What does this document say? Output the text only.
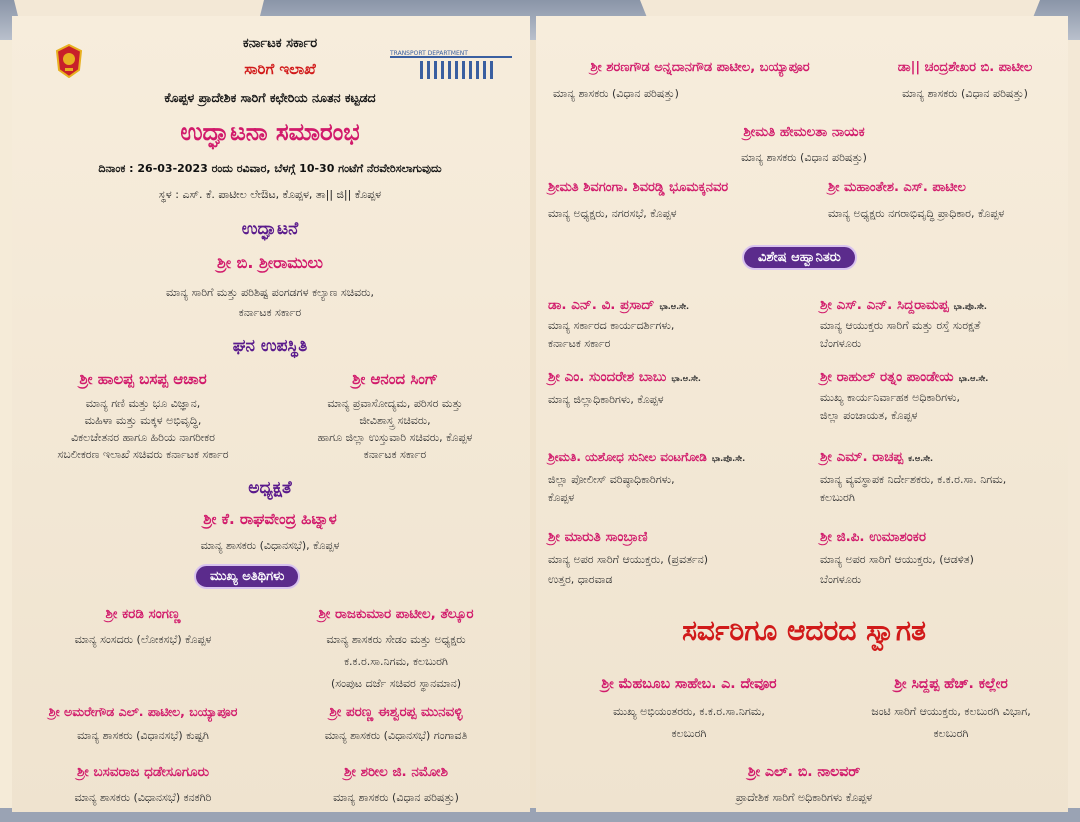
TRANSPORT DEPARTMENT
ಕರ್ನಾಟಕ ಸರ್ಕಾರ
ಸಾರಿಗೆ ಇಲಾಖೆ
ಕೊಪ್ಪಳ ಪ್ರಾದೇಶಿಕ ಸಾರಿಗೆ ಕಛೇರಿಯ ನೂತನ ಕಟ್ಟಡದ
ಉದ್ಘಾಟನಾ ಸಮಾರಂಭ
ದಿನಾಂಕ : 26-03-2023 ರಂದು ರವಿವಾರ, ಬೆಳಗ್ಗೆ 10-30 ಗಂಟೆಗೆ ನೆರವೇರಿಸಲಾಗುವುದು
ಸ್ಥಳ : ಎಸ್. ಕೆ. ಪಾಟೀಲ ಲೇಔಟ, ಕೊಪ್ಪಳ, ತಾ|| ಜಿ|| ಕೊಪ್ಪಳ
ಉದ್ಘಾಟನೆ
ಶ್ರೀ ಬಿ. ಶ್ರೀರಾಮುಲು
ಮಾನ್ಯ ಸಾರಿಗೆ ಮತ್ತು ಪರಿಶಿಷ್ಟ ಪಂಗಡಗಳ ಕಲ್ಯಾಣ ಸಚಿವರು,
ಕರ್ನಾಟಕ ಸರ್ಕಾರ
ಘನ ಉಪಸ್ಥಿತಿ
ಶ್ರೀ ಹಾಲಪ್ಪ ಬಸಪ್ಪ ಆಚಾರ
ಮಾನ್ಯ ಗಣಿ ಮತ್ತು ಭೂ ವಿಜ್ಞಾನ,
ಮಹಿಳಾ ಮತ್ತು ಮಕ್ಕಳ ಅಭಿವೃದ್ಧಿ,
ವಿಕಲಚೇತನರ ಹಾಗೂ ಹಿರಿಯ ನಾಗರೀಕರ
ಸಬಲೀಕರಣ ಇಲಾಖೆ ಸಚಿವರು ಕರ್ನಾಟಕ ಸರ್ಕಾರ
ಶ್ರೀ ಆನಂದ ಸಿಂಗ್
ಮಾನ್ಯ ಪ್ರವಾಸೋದ್ಯಮ, ಪರಿಸರ ಮತ್ತು
ಜೀವಿಶಾಸ್ತ್ರ ಸಚಿವರು,
ಹಾಗೂ ಜಿಲ್ಲಾ ಉಸ್ತುವಾರಿ ಸಚಿವರು, ಕೊಪ್ಪಳ
ಕರ್ನಾಟಕ ಸರ್ಕಾರ
ಅಧ್ಯಕ್ಷತೆ
ಶ್ರೀ ಕೆ. ರಾಘವೇಂದ್ರ ಹಿಟ್ನಾಳ
ಮಾನ್ಯ ಶಾಸಕರು (ವಿಧಾನಸಭೆ), ಕೊಪ್ಪಳ
ಮುಖ್ಯ ಅತಿಥಿಗಳು
ಶ್ರೀ ಕರಡಿ ಸಂಗಣ್ಣ
ಮಾನ್ಯ ಸಂಸದರು (ಲೋಕಸಭೆ) ಕೊಪ್ಪಳ
ಶ್ರೀ ರಾಜಕುಮಾರ ಪಾಟೀಲ, ತೆಲ್ಕೂರ
ಮಾನ್ಯ ಶಾಸಕರು ಸೇಡಂ ಮತ್ತು ಅಧ್ಯಕ್ಷರು
ಕ.ಕ.ರ.ಸಾ.ನಿಗಮ, ಕಲಬುರಗಿ
(ಸಂಪುಟ ದರ್ಜೆ ಸಚಿವರ ಸ್ಥಾನಮಾನ)
ಶ್ರೀ ಅಮರೇಗೌಡ ಎಲ್. ಪಾಟೀಲ, ಬಯ್ಯಾಪೂರ
ಮಾನ್ಯ ಶಾಸಕರು (ವಿಧಾನಸಭೆ) ಕುಷ್ಟಗಿ
ಶ್ರೀ ಪರಣ್ಣ ಈಶ್ವರಪ್ಪ ಮುನವಳ್ಳಿ
ಮಾನ್ಯ ಶಾಸಕರು (ವಿಧಾನಸಭೆ) ಗಂಗಾವತಿ
ಶ್ರೀ ಬಸವರಾಜ ಧಡೇಸೂಗೂರು
ಮಾನ್ಯ ಶಾಸಕರು (ವಿಧಾನಸಭೆ) ಕನಕಗಿರಿ
ಶ್ರೀ ಶರೀಲ ಜಿ. ನಮೋಶಿ
ಮಾನ್ಯ ಶಾಸಕರು (ವಿಧಾನ ಪರಿಷತ್ತು)
ಶ್ರೀ ಶರಣಗೌಡ ಅನ್ನದಾನಗೌಡ ಪಾಟೀಲ, ಬಯ್ಯಾಪೂರ
ಮಾನ್ಯ ಶಾಸಕರು (ವಿಧಾನ ಪರಿಷತ್ತು)
ಡಾ|| ಚಂದ್ರಶೇಖರ ಬಿ. ಪಾಟೀಲ
ಮಾನ್ಯ ಶಾಸಕರು (ವಿಧಾನ ಪರಿಷತ್ತು)
ಶ್ರೀಮತಿ ಹೇಮಲತಾ ನಾಯಕ
ಮಾನ್ಯ ಶಾಸಕರು (ವಿಧಾನ ಪರಿಷತ್ತು)
ಶ್ರೀಮತಿ ಶಿವಗಂಗಾ. ಶಿವರಡ್ಡಿ ಭೂಮಕ್ಕನವರ
ಮಾನ್ಯ ಅಧ್ಯಕ್ಷರು, ನಗರಸಭೆ, ಕೊಪ್ಪಳ
ಶ್ರೀ ಮಹಾಂತೇಶ. ಎಸ್. ಪಾಟೀಲ
ಮಾನ್ಯ ಅಧ್ಯಕ್ಷರು ನಗರಾಭಿವೃದ್ಧಿ ಪ್ರಾಧಿಕಾರ, ಕೊಪ್ಪಳ
ವಿಶೇಷ ಆಹ್ವಾನಿತರು
ಡಾ. ಎನ್. ವಿ. ಪ್ರಸಾದ್ ಭಾ.ಆ.ಸೇ.
ಮಾನ್ಯ ಸರ್ಕಾರದ ಕಾರ್ಯದರ್ಶಿಗಳು,
ಕರ್ನಾಟಕ ಸರ್ಕಾರ
ಶ್ರೀ ಎಸ್. ಎನ್. ಸಿದ್ದರಾಮಪ್ಪ ಭಾ.ಪೊ.ಸೇ.
ಮಾನ್ಯ ಆಯುಕ್ತರು ಸಾರಿಗೆ ಮತ್ತು ರಸ್ತೆ ಸುರಕ್ಷತೆ
ಬೆಂಗಳೂರು
ಶ್ರೀ ಎಂ. ಸುಂದರೇಶ ಬಾಬು ಭಾ.ಆ.ಸೇ.
ಮಾನ್ಯ ಜಿಲ್ಲಾಧಿಕಾರಿಗಳು, ಕೊಪ್ಪಳ
ಶ್ರೀ ರಾಹುಲ್ ರತ್ನಂ ಪಾಂಡೇಯ ಭಾ.ಆ.ಸೇ.
ಮುಖ್ಯ ಕಾರ್ಯನಿರ್ವಾಹಕ ಅಧಿಕಾರಿಗಳು,
ಜಿಲ್ಲಾ ಪಂಚಾಯತ, ಕೊಪ್ಪಳ
ಶ್ರೀಮತಿ. ಯಶೋಧ ಸುನೀಲ ವಂಟಗೋಡಿ ಭಾ.ಪೊ.ಸೇ.
ಜಿಲ್ಲಾ ಪೋಲೀಸ್ ವರಿಷ್ಠಾಧಿಕಾರಿಗಳು,
ಕೊಪ್ಪಳ
ಶ್ರೀ ಎಮ್. ರಾಚಪ್ಪ ಕ.ಆ.ಸೇ.
ಮಾನ್ಯ ವ್ಯವಸ್ಥಾಪಕ ನಿರ್ದೇಶಕರು, ಕ.ಕ.ರ.ಸಾ. ನಿಗಮ,
ಕಲಬುರಗಿ
ಶ್ರೀ ಮಾರುತಿ ಸಾಂಬ್ರಾಣಿ
ಮಾನ್ಯ ಅಪರ ಸಾರಿಗೆ ಆಯುಕ್ತರು, (ಪ್ರವರ್ತನ)
ಉತ್ತರ, ಧಾರವಾಡ
ಶ್ರೀ ಜಿ.ಪಿ. ಉಮಾಶಂಕರ
ಮಾನ್ಯ ಅಪರ ಸಾರಿಗೆ ಆಯುಕ್ತರು, (ಆಡಳಿತ)
ಬೆಂಗಳೂರು
ಸರ್ವರಿಗೂ ಆದರದ ಸ್ವಾಗತ
ಶ್ರೀ ಮೆಹಬೂಬ ಸಾಹೇಬ. ಎ. ದೇವೂರ
ಮುಖ್ಯ ಅಭಿಯಂತರರು, ಕ.ಕ.ರ.ಸಾ.ನಿಗಮ,
ಕಲಬುರಗಿ
ಶ್ರೀ ಸಿದ್ದಪ್ಪ ಹೆಚ್. ಕಲ್ಲೇರ
ಜಂಟಿ ಸಾರಿಗೆ ಆಯುಕ್ತರು, ಕಲಬುರಗಿ ವಿಭಾಗ,
ಕಲಬುರಗಿ
ಶ್ರೀ ಎಲ್. ಬಿ. ನಾಲವರ್
ಪ್ರಾದೇಶಿಕ ಸಾರಿಗೆ ಅಧಿಕಾರಿಗಳು ಕೊಪ್ಪಳ
